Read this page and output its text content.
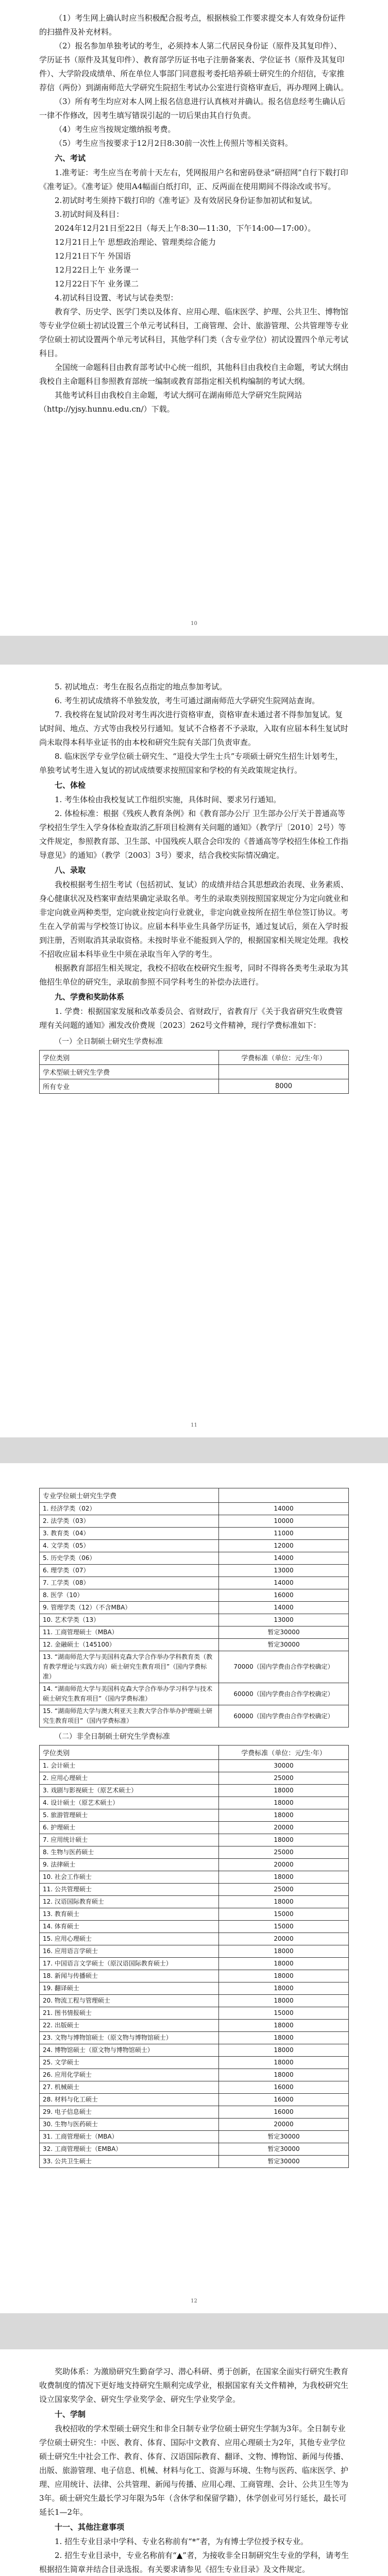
（1）考生网上确认时应当积极配合报考点，根据核验工作要求提交本人有效身份证件的扫描件及补充材料。

（2）报名参加单独考试的考生，必须持本人第二代居民身份证（原件及其复印件）、学历证书（原件及其复印件）、教育部学历证书电子注册备案表、学位证书（原件及其复印件）、大学阶段成绩单、所在单位人事部门同意报考委托培养硕士研究生的介绍信，专家推荐信（两份）到湖南师范大学研究生院招生考试办公室进行资格审查后，再办理网上确认。

（3）所有考生均应对本人网上报名信息进行认真核对并确认。报名信息经考生确认后一律不作修改，因考生填写错误引起的一切后果由其自行负责。

（4）考生应当按规定缴纳报考费。

（5）考生应当按要求于12月2日8:30前一次性上传照片等相关资料。

六、考试

1.准考证：考生应当在考前十天左右，凭网报用户名和密码登录“研招网”自行下载打印《准考证》。《准考证》使用A4幅面白纸打印，正、反两面在使用期间不得涂改或书写。

2.初试时考生须持下载打印的《准考证》及有效居民身份证参加初试和复试。

3.初试时间及科目：

2024年12月21日至22日（每天上午8:30—11:30，下午14:00—17:00）。

12月21日上午 思想政治理论、管理类综合能力

12月21日下午 外国语

12月22日上午 业务课一

12月22日下午 业务课二

4.初试科目设置、考试与试卷类型：

教育学、历史学、医学门类以及体育、应用心理、临床医学、护理、公共卫生、博物馆等专业学位硕士初试设置三个单元考试科目，工商管理、会计、旅游管理、公共管理等专业学位硕士初试设置两个单元考试科目，其他学科门类（含专业学位）初试设置四个单元考试科目。

全国统一命题科目由教育部考试中心统一组织，其他科目由我校自主命题，考试大纲由我校自主命题科目参照教育部统一编制或教育部指定相关机构编制的考试大纲。

其他考试科目由我校自主命题，考试大纲可在湖南师范大学研究生院网站（http://yjsy.hunnu.edu.cn/）下载。

10

5. 初试地点：考生在报名点指定的地点参加考试。

6. 考生初试成绩将不单独发放，考生可通过湖南师范大学研究生院网站查询。

7. 我校将在复试阶段对考生再次进行资格审查，资格审查未通过者不得参加复试。复试时间、地点、方式等由我校另行通知。复试不合格者不予录取，入取有应届本科生复试时尚未取得本科毕业证书的由本校和研究生院有关部门负责审查。

8. 临床医学专业学位硕士研究生、“退役大学生士兵”专项硕士研究生招生计划考生，单独考试考生进入复试的初试成绩要求按照国家和学校的有关政策规定执行。

七、体检

1. 考生体检由我校复试工作组织实施，具体时间、要求另行通知。

2. 体检标准：根据《残疾人教育条例》和《教育部办公厅 卫生部办公厅关于普通高等学校招生学生入学身体检查取消乙肝项目检测有关问题的通知》（教学厅〔2010〕2号）等文件规定，参照教育部、卫生部、中国残疾人联合会印发的《普通高等学校招生体检工作指导意见》的通知》（教学〔2003〕3号）要求，结合我校实际情况确定。

八、录取

我校根据考生招生考试（包括初试、复试）的成绩并结合其思想政治表现、业务素质、身心健康状况及档案审查结果确定录取名单。考生的录取类别按照国家规定分为定向就业和非定向就业两种类型，定向就业按定向行业就业，非定向就业按所在招生单位签订协议。考生在入学前需与学校签订协议。应届本科毕业生具备学历证书，通过复试后，须在入学时报到注册，否则取消其录取资格。未按时毕业不能报到入学的，根据国家相关规定处理。我校不招收应届本科毕业生中须在录取当年入学的考生。

根据教育部招生相关规定，我校不招收在校研究生报考，同时不得将各类考生录取为其他招生单位的研究生，录取前参照不同学科考生的补偿办法进行。

九、学费和奖助体系

1. 学费：根据国家发展和改革委员会、省财政厅，省教育厅《关于我省研究生收费管理有关问题的通知》湘发改价费规〔2023〕262号文件精神，现行学费标准如下：

（一）全日制硕士研究生学费标准
学位类别	学费标准（单位：元/生·年）
学术型硕士研究生学费	
所有专业	8000
11
专业学位硕士研究生学费	
1. 经济学类（02）	14000
2. 法学类（03）	10000
3. 教育类（04）	11000
4. 文学类（05）	12000
5. 历史学类（06）	14000
6. 理学类（07）	13000
7. 工学类（08）	14000
8. 医学（10）	16000
9. 管理学类（12）（不含MBA）	14000
10. 艺术学类（13）	13000
11. 工商管理硕士（MBA）	暂定30000
12. 金融硕士（145100）	暂定30000
13. “湖南师范大学与美国科克森大学合作举办学科教育类（教育教学理论与实践方向）硕士研究生教育项目”（国内学费标准）	70000（国内学费由合作学校确定）
14. “湖南师范大学与美国科克森大学合作举办学习科学与技术硕士研究生教育项目”（国内学费标准）	60000（国内学费由合作学校确定）
15. “湖南师范大学与澳大利亚天主教大学合作举办护理硕士研究生教育项目”（国内学费标准）	60000（国内学费由合作学校确定）
（二）非全日制硕士研究生学费标准
学位类别	学费标准（单位：元/生·年）
1. 会计硕士	30000
2. 应用心理硕士	25000
3. 戏剧与影视硕士（原艺术硕士）	18000
4. 设计硕士（原艺术硕士）	18000
5. 旅游管理硕士	18000
6. 护理硕士	20000
7. 应用统计硕士	18000
8. 生物与医药硕士	25000
9. 法律硕士	20000
10. 社会工作硕士	18000
11. 公共管理硕士	25000
12. 汉语国际教育硕士	18000
13. 教育硕士	15000
14. 体育硕士	15000
15. 应用心理硕士	20000
16. 应用语言学硕士	18000
17. 中国语言文学硕士（原汉语国际教育硕士）	18000
18. 新闻与传播硕士	18000
19. 翻译硕士	18000
20. 物流工程与管理硕士	18000
21. 图书情报硕士	15000
22. 出版硕士	18000
23. 文物与博物馆硕士（原文物与博物馆硕士）	18000
24. 博物馆硕士（原文物与博物馆硕士）	18000
25. 文学硕士	18000
26. 应用化学硕士	18000
27. 机械硕士	16000
28. 材料与化工硕士	16000
29. 电子信息硕士	16000
30. 生物与医药硕士	20000
31. 工商管理硕士（MBA）	暂定30000
32. 工商管理硕士（EMBA）	暂定30000
33. 公共卫生硕士	暂定30000
12

奖助体系：为激励研究生勤奋学习、潜心科研、勇于创新，在国家全面实行研究生教育收费制度的情况下更好地支持研究生顺利完成学业，根据国家有关文件精神，为我校研究生设立国家奖学金、研究生学业奖学金、研究生学业奖学金。

十、学制

我校招收的学术型硕士研究生和非全日制专业学位硕士研究生学制为3年。全日制专业学位硕士研究生：中医、教育、体育、国际中文教育、应用心理硕士为2年，其他专业学位硕士研究生中社会工作、教育、体育、汉语国际教育、翻译、文物、博物馆、新闻与传播、出版、旅游管理、电子信息、机械、材料与化工、资源与环境、生物与医药、临床医学、护理、应用统计、法律、公共管理、新闻与传播、应用心理、工商管理、会计、公共卫生等为3年。硕士研究生最长学习年限为5年（含休学和保留学籍），休学创业可另行延长，最长可延长1—2年。

十一、其他注意事项

1. 招生专业目录中学科、专业名称前有“*”者，为有博士学位授予权专业。

2. 招生专业目录中，专业名称前有“▲”者，为接收非全日制研究生专业的学科，请考生根据招生简章并结合目录选报。有关要求请参见《招生专业目录》及文件规定。
